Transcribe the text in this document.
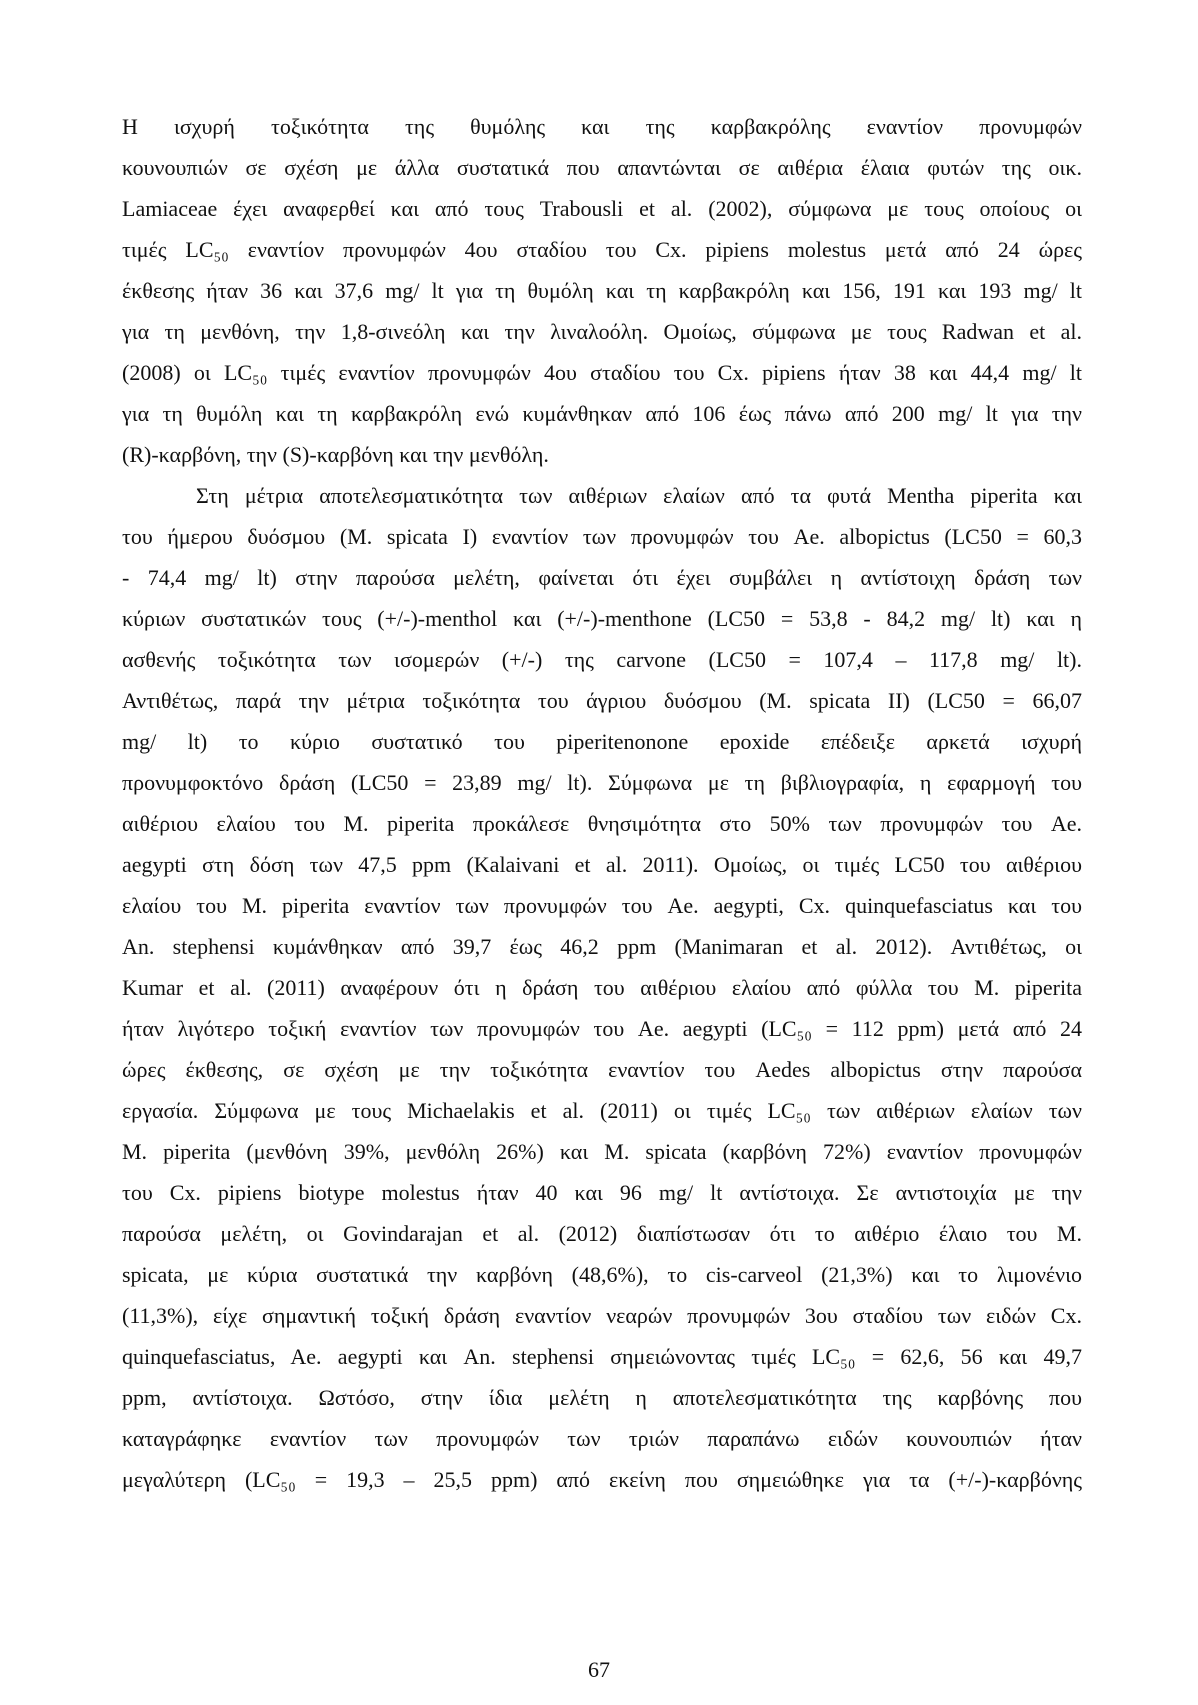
Η ισχυρή τοξικότητα της θυμόλης και της καρβακρόλης εναντίον προνυμφών
κουνουπιών σε σχέση με άλλα συστατικά που απαντώνται σε αιθέρια έλαια φυτών της οικ.
Lamiaceae έχει αναφερθεί και από τους Trabousli et al. (2002), σύμφωνα με τους οποίους οι
τιμές LC₅₀ εναντίον προνυμφών 4ου σταδίου του Cx. pipiens molestus μετά από 24 ώρες
έκθεσης ήταν 36 και 37,6 mg/ lt για τη θυμόλη και τη καρβακρόλη και 156, 191 και 193 mg/ lt
για τη μενθόνη, την 1,8-σινεόλη και την λιναλοόλη. Ομοίως, σύμφωνα με τους Radwan et al.
(2008) οι LC₅₀ τιμές εναντίον προνυμφών 4ου σταδίου του Cx. pipiens ήταν 38 και 44,4 mg/ lt
για τη θυμόλη και τη καρβακρόλη ενώ κυμάνθηκαν από 106 έως πάνω από 200 mg/ lt για την
(R)-καρβόνη, την (S)-καρβόνη και την μενθόλη.
Στη μέτρια αποτελεσματικότητα των αιθέριων ελαίων από τα φυτά Mentha piperita και
του ήμερου δυόσμου (M. spicata I) εναντίον των προνυμφών του Ae. albopictus (LC50 = 60,3
- 74,4 mg/ lt) στην παρούσα μελέτη, φαίνεται ότι έχει συμβάλει η αντίστοιχη δράση των
κύριων συστατικών τους (+/-)-menthol και (+/-)-menthone (LC50 = 53,8 - 84,2 mg/ lt) και η
ασθενής τοξικότητα των ισομερών (+/-) της carvone (LC50 = 107,4 – 117,8 mg/ lt).
Αντιθέτως, παρά την μέτρια τοξικότητα του άγριου δυόσμου (M. spicata II) (LC50 = 66,07
mg/ lt) το κύριο συστατικό του piperitenonone epoxide επέδειξε αρκετά ισχυρή
προνυμφοκτόνο δράση (LC50 = 23,89 mg/ lt). Σύμφωνα με τη βιβλιογραφία, η εφαρμογή του
αιθέριου ελαίου του M. piperita προκάλεσε θνησιμότητα στο 50% των προνυμφών του Ae.
aegypti στη δόση των 47,5 ppm (Kalaivani et al. 2011). Ομοίως, οι τιμές LC50 του αιθέριου
ελαίου του M. piperita εναντίον των προνυμφών του Ae. aegypti, Cx. quinquefasciatus και του
An. stephensi κυμάνθηκαν από 39,7 έως 46,2 ppm (Manimaran et al. 2012). Αντιθέτως, οι
Kumar et al. (2011) αναφέρουν ότι η δράση του αιθέριου ελαίου από φύλλα του M. piperita
ήταν λιγότερο τοξική εναντίον των προνυμφών του Ae. aegypti (LC₅₀ = 112 ppm) μετά από 24
ώρες έκθεσης, σε σχέση με την τοξικότητα εναντίον του Aedes albopictus στην παρούσα
εργασία. Σύμφωνα με τους Michaelakis et al. (2011) οι τιμές LC₅₀ των αιθέριων ελαίων των
M. piperita (μενθόνη 39%, μενθόλη 26%) και M. spicata (καρβόνη 72%) εναντίον προνυμφών
του Cx. pipiens biotype molestus ήταν 40 και 96 mg/ lt αντίστοιχα. Σε αντιστοιχία με την
παρούσα μελέτη, οι Govindarajan et al. (2012) διαπίστωσαν ότι το αιθέριο έλαιο του M.
spicata, με κύρια συστατικά την καρβόνη (48,6%), το cis-carveol (21,3%) και το λιμονένιο
(11,3%), είχε σημαντική τοξική δράση εναντίον νεαρών προνυμφών 3ου σταδίου των ειδών Cx.
quinquefasciatus, Ae. aegypti και An. stephensi σημειώνοντας τιμές LC₅₀ = 62,6, 56 και 49,7
ppm, αντίστοιχα. Ωστόσο, στην ίδια μελέτη η αποτελεσματικότητα της καρβόνης που
καταγράφηκε εναντίον των προνυμφών των τριών παραπάνω ειδών κουνουπιών ήταν
μεγαλύτερη (LC₅₀ = 19,3 – 25,5 ppm) από εκείνη που σημειώθηκε για τα (+/-)-καρβόνης
67
